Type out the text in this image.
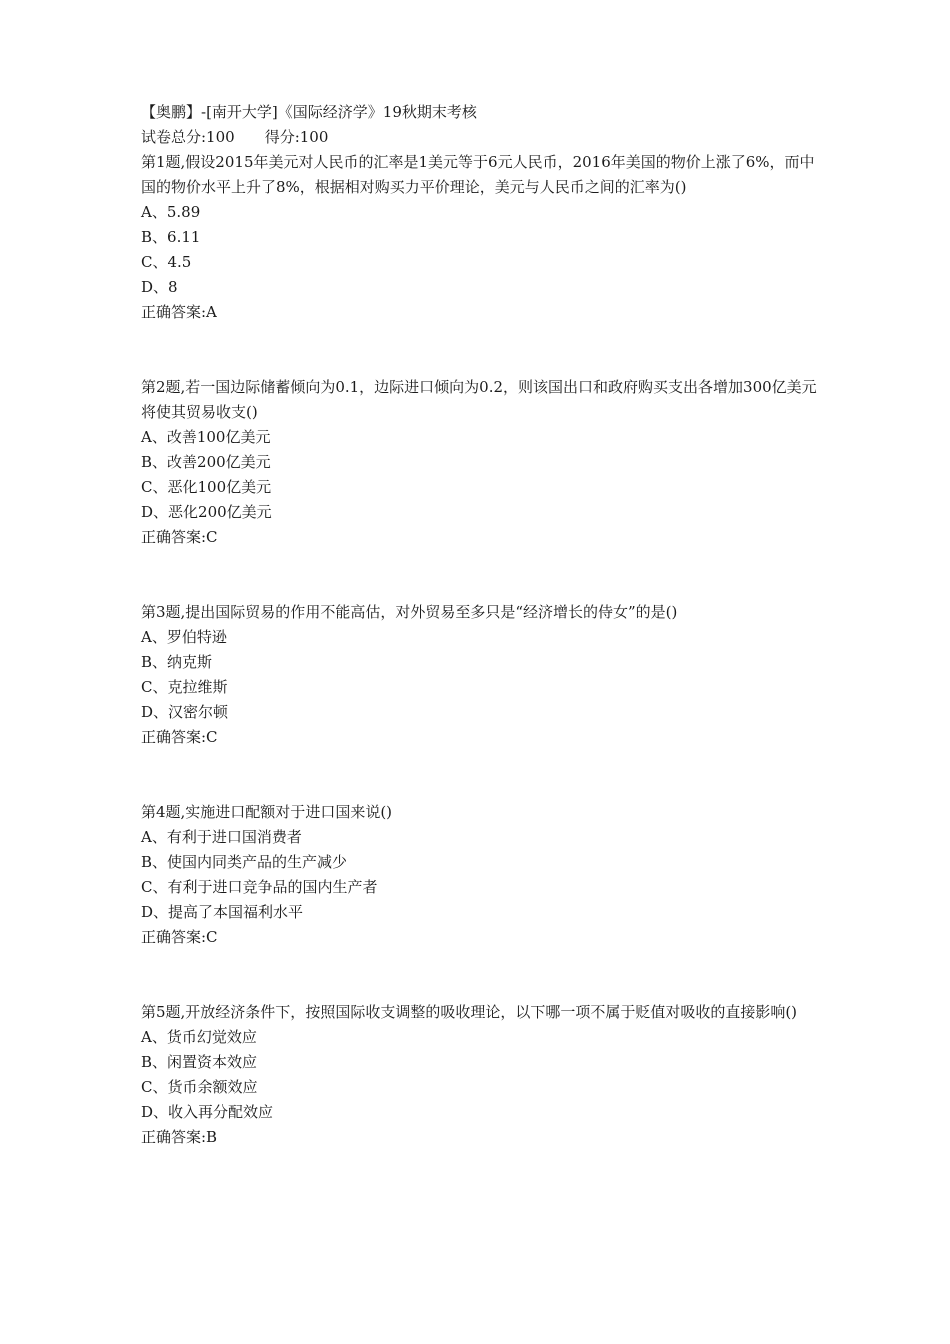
【奥鹏】-[南开大学]《国际经济学》19秋期末考核

试卷总分:100 得分:100

第1题,假设2015年美元对人民币的汇率是1美元等于6元人民币，2016年美国的物价上涨了6%，而中国的物价水平上升了8%，根据相对购买力平价理论，美元与人民币之间的汇率为()

A、5.89

B、6.11

C、4.5

D、8

正确答案:A

第2题,若一国边际储蓄倾向为0.1，边际进口倾向为0.2，则该国出口和政府购买支出各增加300亿美元将使其贸易收支()

A、改善100亿美元

B、改善200亿美元

C、恶化100亿美元

D、恶化200亿美元

正确答案:C

第3题,提出国际贸易的作用不能高估，对外贸易至多只是“经济增长的侍女”的是()

A、罗伯特逊

B、纳克斯

C、克拉维斯

D、汉密尔顿

正确答案:C

第4题,实施进口配额对于进口国来说()

A、有利于进口国消费者

B、使国内同类产品的生产减少

C、有利于进口竞争品的国内生产者

D、提高了本国福利水平

正确答案:C

第5题,开放经济条件下，按照国际收支调整的吸收理论，以下哪一项不属于贬值对吸收的直接影响()

A、货币幻觉效应

B、闲置资本效应

C、货币余额效应

D、收入再分配效应

正确答案:B
